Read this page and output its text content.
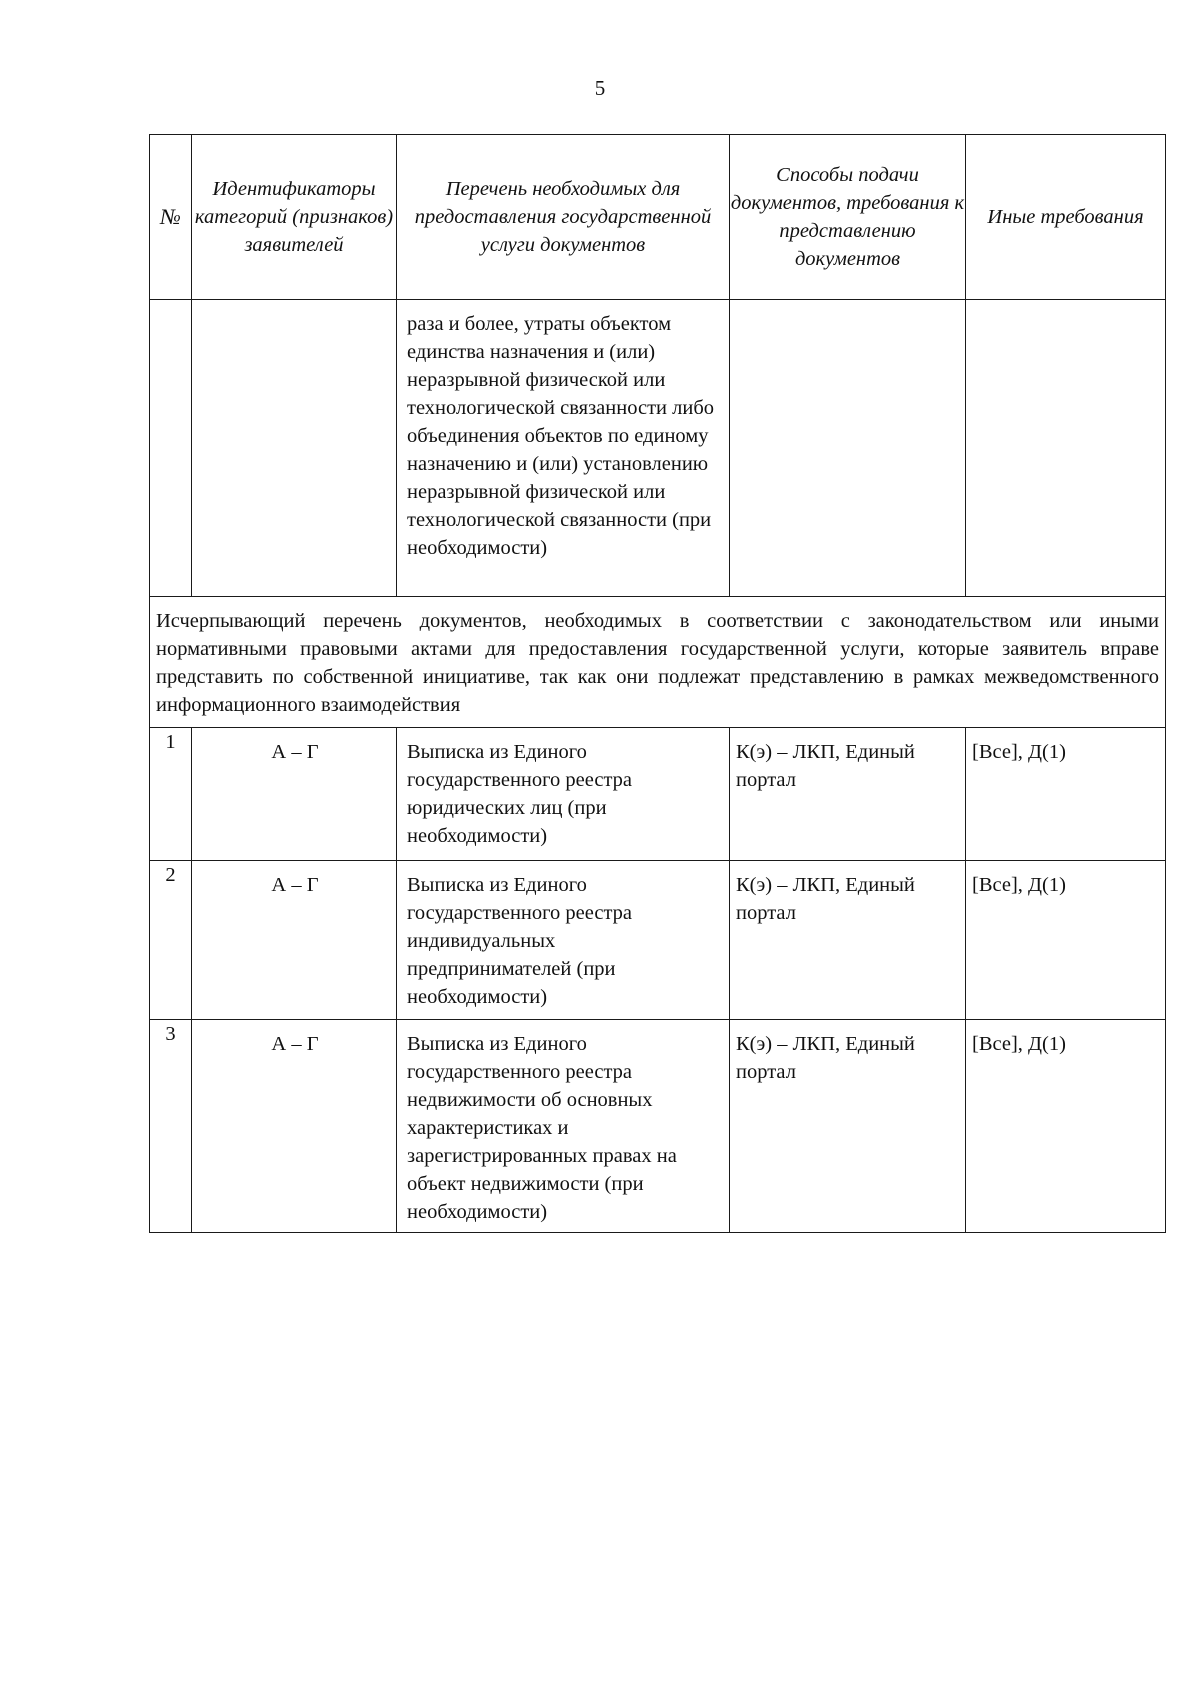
5
№	Идентификаторы категорий (признаков) заявителей	Перечень необходимых для предоставления государственной услуги документов	Способы подачи документов, требования к представлению документов	Иные требования

		раза и более, утраты объектом единства назначения и (или) неразрывной физической или технологической связанности либо объединения объектов по единому назначению и (или) установлению неразрывной физической или технологической связанности (при необходимости)		

Исчерпывающий перечень документов, необходимых в соответствии с законодательством или иными нормативными правовыми актами для предоставления государственной услуги, которые заявитель вправе представить по собственной инициативе, так как они подлежат представлению в рамках межведомственного информационного взаимодействия				
1	А – Г	Выписка из Единого государственного реестра юридических лиц (при необходимости)	К(э) – ЛКП, Единый портал	[Все], Д(1)

2	А – Г	Выписка из Единого государственного реестра индивидуальных предпринимателей (при необходимости)	К(э) – ЛКП, Единый портал	[Все], Д(1)

3	А – Г	Выписка из Единого государственного реестра недвижимости об основных характеристиках и зарегистрированных правах на объект недвижимости (при необходимости)	К(э) – ЛКП, Единый портал	[Все], Д(1)
